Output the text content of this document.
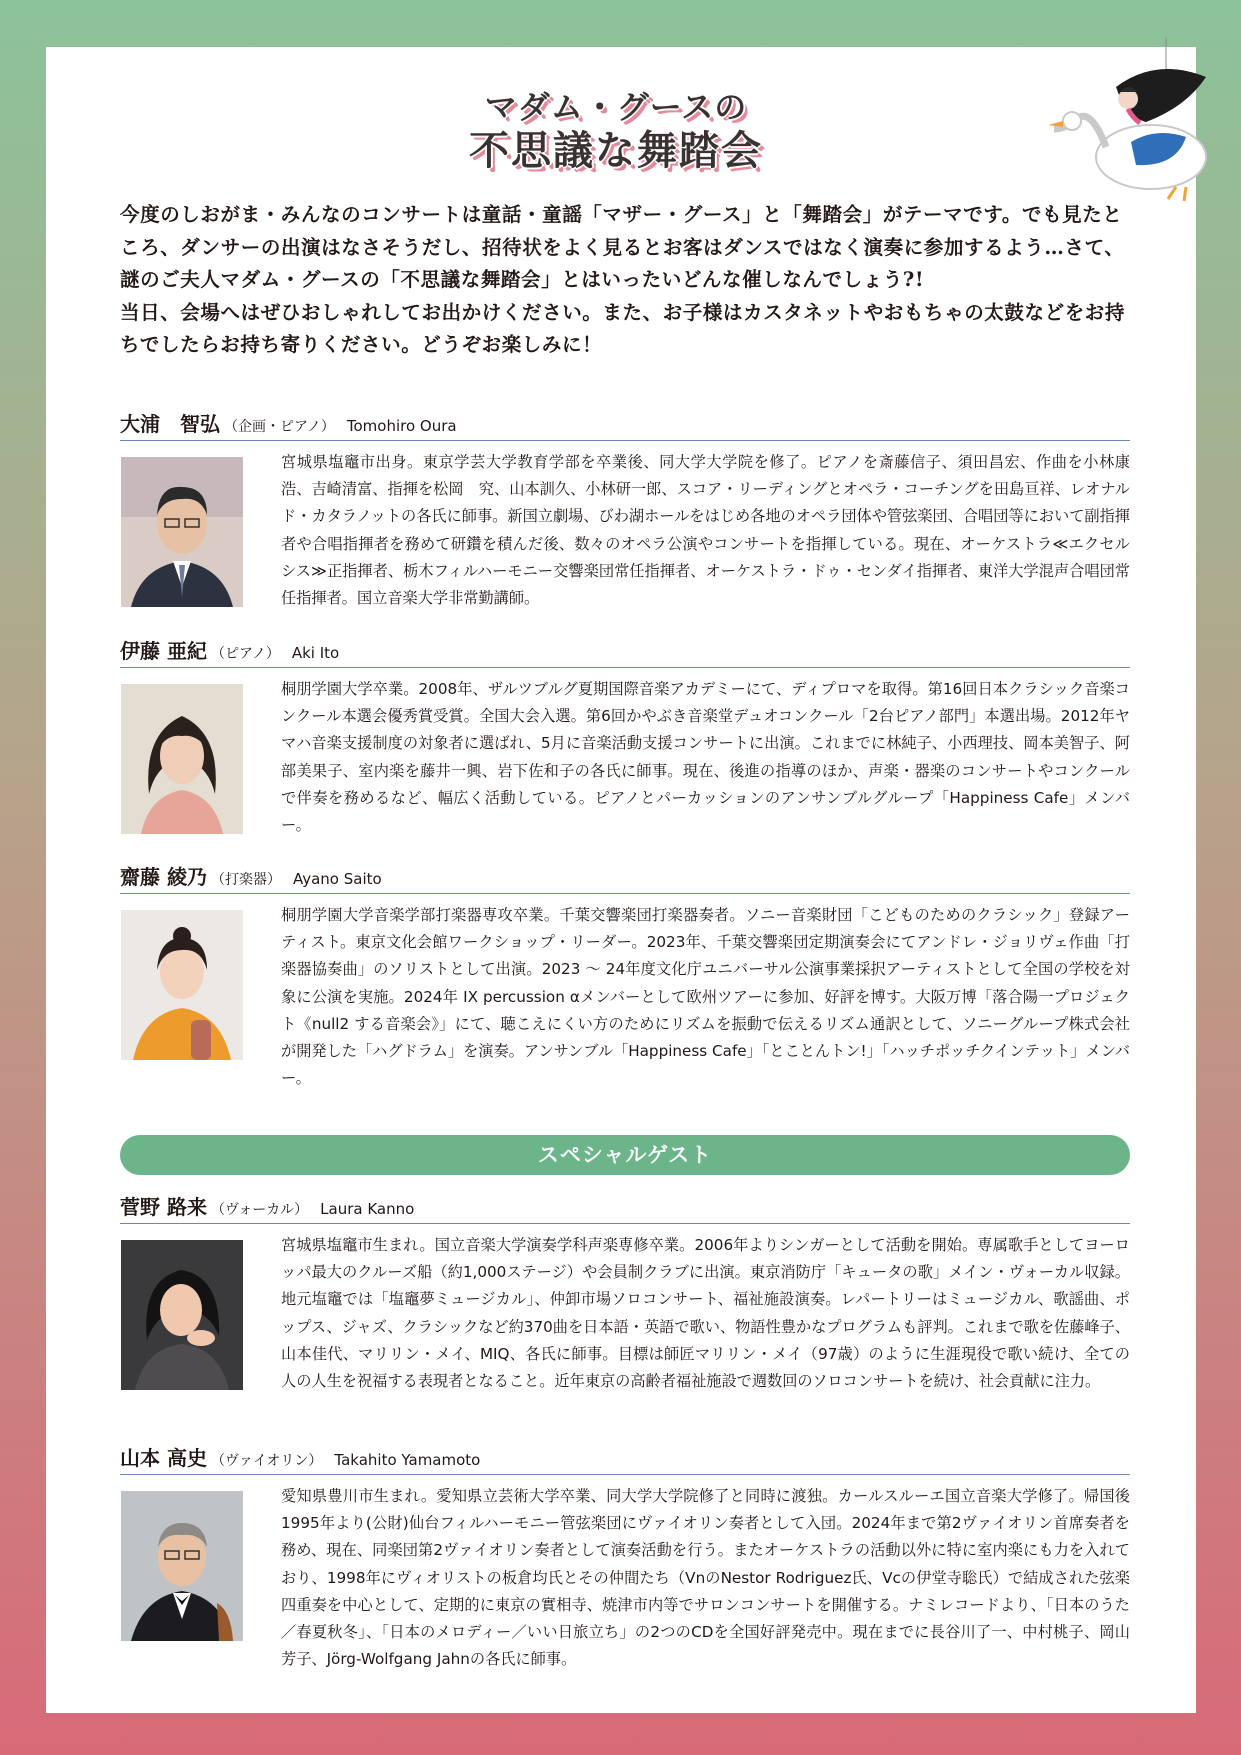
マダム・グースの
不思議な舞踏会

今度のしおがま・みんなのコンサートは童話・童謡「マザー・グース」と「舞踏会」がテーマです。でも見たところ、ダンサーの出演はなさそうだし、招待状をよく見るとお客はダンスではなく演奏に参加するよう…さて、謎のご夫人マダム・グースの「不思議な舞踏会」とはいったいどんな催しなんでしょう?!

当日、会場へはぜひおしゃれしてお出かけください。また、お子様はカスタネットやおもちゃの太鼓などをお持ちでしたらお持ち寄りください。どうぞお楽しみに！

大浦　智弘 （企画・ピアノ） Tomohiro Oura
宮城県塩竈市出身。東京学芸大学教育学部を卒業後、同大学大学院を修了。ピアノを斎藤信子、須田昌宏、作曲を小林康浩、吉崎清富、指揮を松岡　究、山本訓久、小林研一郎、スコア・リーディングとオペラ・コーチングを田島亘祥、レオナルド・カタラノットの各氏に師事。新国立劇場、びわ湖ホールをはじめ各地のオペラ団体や管弦楽団、合唱団等において副指揮者や合唱指揮者を務めて研鑽を積んだ後、数々のオペラ公演やコンサートを指揮している。現在、オーケストラ≪エクセルシス≫正指揮者、栃木フィルハーモニー交響楽団常任指揮者、オーケストラ・ドゥ・センダイ指揮者、東洋大学混声合唱団常任指揮者。国立音楽大学非常勤講師。
伊藤 亜紀 （ピアノ） Aki Ito
桐朋学園大学卒業。2008年、ザルツブルグ夏期国際音楽アカデミーにて、ディプロマを取得。第16回日本クラシック音楽コンクール本選会優秀賞受賞。全国大会入選。第6回かやぶき音楽堂デュオコンクール「2台ピアノ部門」本選出場。2012年ヤマハ音楽支援制度の対象者に選ばれ、5月に音楽活動支援コンサートに出演。これまでに林純子、小西理技、岡本美智子、阿部美果子、室内楽を藤井一興、岩下佐和子の各氏に師事。現在、後進の指導のほか、声楽・器楽のコンサートやコンクールで伴奏を務めるなど、幅広く活動している。ピアノとパーカッションのアンサンブルグループ「Happiness Cafe」メンバー。
齋藤 綾乃 （打楽器） Ayano Saito
桐朋学園大学音楽学部打楽器専攻卒業。千葉交響楽団打楽器奏者。ソニー音楽財団「こどものためのクラシック」登録アーティスト。東京文化会館ワークショップ・リーダー。2023年、千葉交響楽団定期演奏会にてアンドレ・ジョリヴェ作曲「打楽器協奏曲」のソリストとして出演。2023 ～ 24年度文化庁ユニバーサル公演事業採択アーティストとして全国の学校を対象に公演を実施。2024年 IX percussion αメンバーとして欧州ツアーに参加、好評を博す。大阪万博「落合陽一プロジェクト《null2 する音楽会》」にて、聴こえにくい方のためにリズムを振動で伝えるリズム通訳として、ソニーグループ株式会社が開発した「ハグドラム」を演奏。アンサンブル「Happiness Cafe」「とことんトン!」「ハッチポッチクインテット」メンバー。
スペシャルゲスト
菅野 路来 （ヴォーカル） Laura Kanno
宮城県塩竈市生まれ。国立音楽大学演奏学科声楽専修卒業。2006年よりシンガーとして活動を開始。専属歌手としてヨーロッパ最大のクルーズ船（約1,000ステージ）や会員制クラブに出演。東京消防庁「キュータの歌」メイン・ヴォーカル収録。地元塩竈では「塩竈夢ミュージカル」、仲卸市場ソロコンサート、福祉施設演奏。レパートリーはミュージカル、歌謡曲、ポップス、ジャズ、クラシックなど約370曲を日本語・英語で歌い、物語性豊かなプログラムも評判。これまで歌を佐藤峰子、山本佳代、マリリン・メイ、MIQ、各氏に師事。目標は師匠マリリン・メイ（97歳）のように生涯現役で歌い続け、全ての人の人生を祝福する表現者となること。近年東京の高齢者福祉施設で週数回のソロコンサートを続け、社会貢献に注力。
山本 高史 （ヴァイオリン） Takahito Yamamoto
愛知県豊川市生まれ。愛知県立芸術大学卒業、同大学大学院修了と同時に渡独。カールスルーエ国立音楽大学修了。帰国後1995年より(公財)仙台フィルハーモニー管弦楽団にヴァイオリン奏者として入団。2024年まで第2ヴァイオリン首席奏者を務め、現在、同楽団第2ヴァイオリン奏者として演奏活動を行う。またオーケストラの活動以外に特に室内楽にも力を入れており、1998年にヴィオリストの板倉均氏とその仲間たち（VnのNestor Rodriguez氏、Vcの伊堂寺聡氏）で結成された弦楽四重奏を中心として、定期的に東京の實相寺、焼津市内等でサロンコンサートを開催する。ナミレコードより、「日本のうた／春夏秋冬」、「日本のメロディー／いい日旅立ち」の2つのCDを全国好評発売中。現在までに長谷川了一、中村桃子、岡山芳子、Jörg-Wolfgang Jahnの各氏に師事。
